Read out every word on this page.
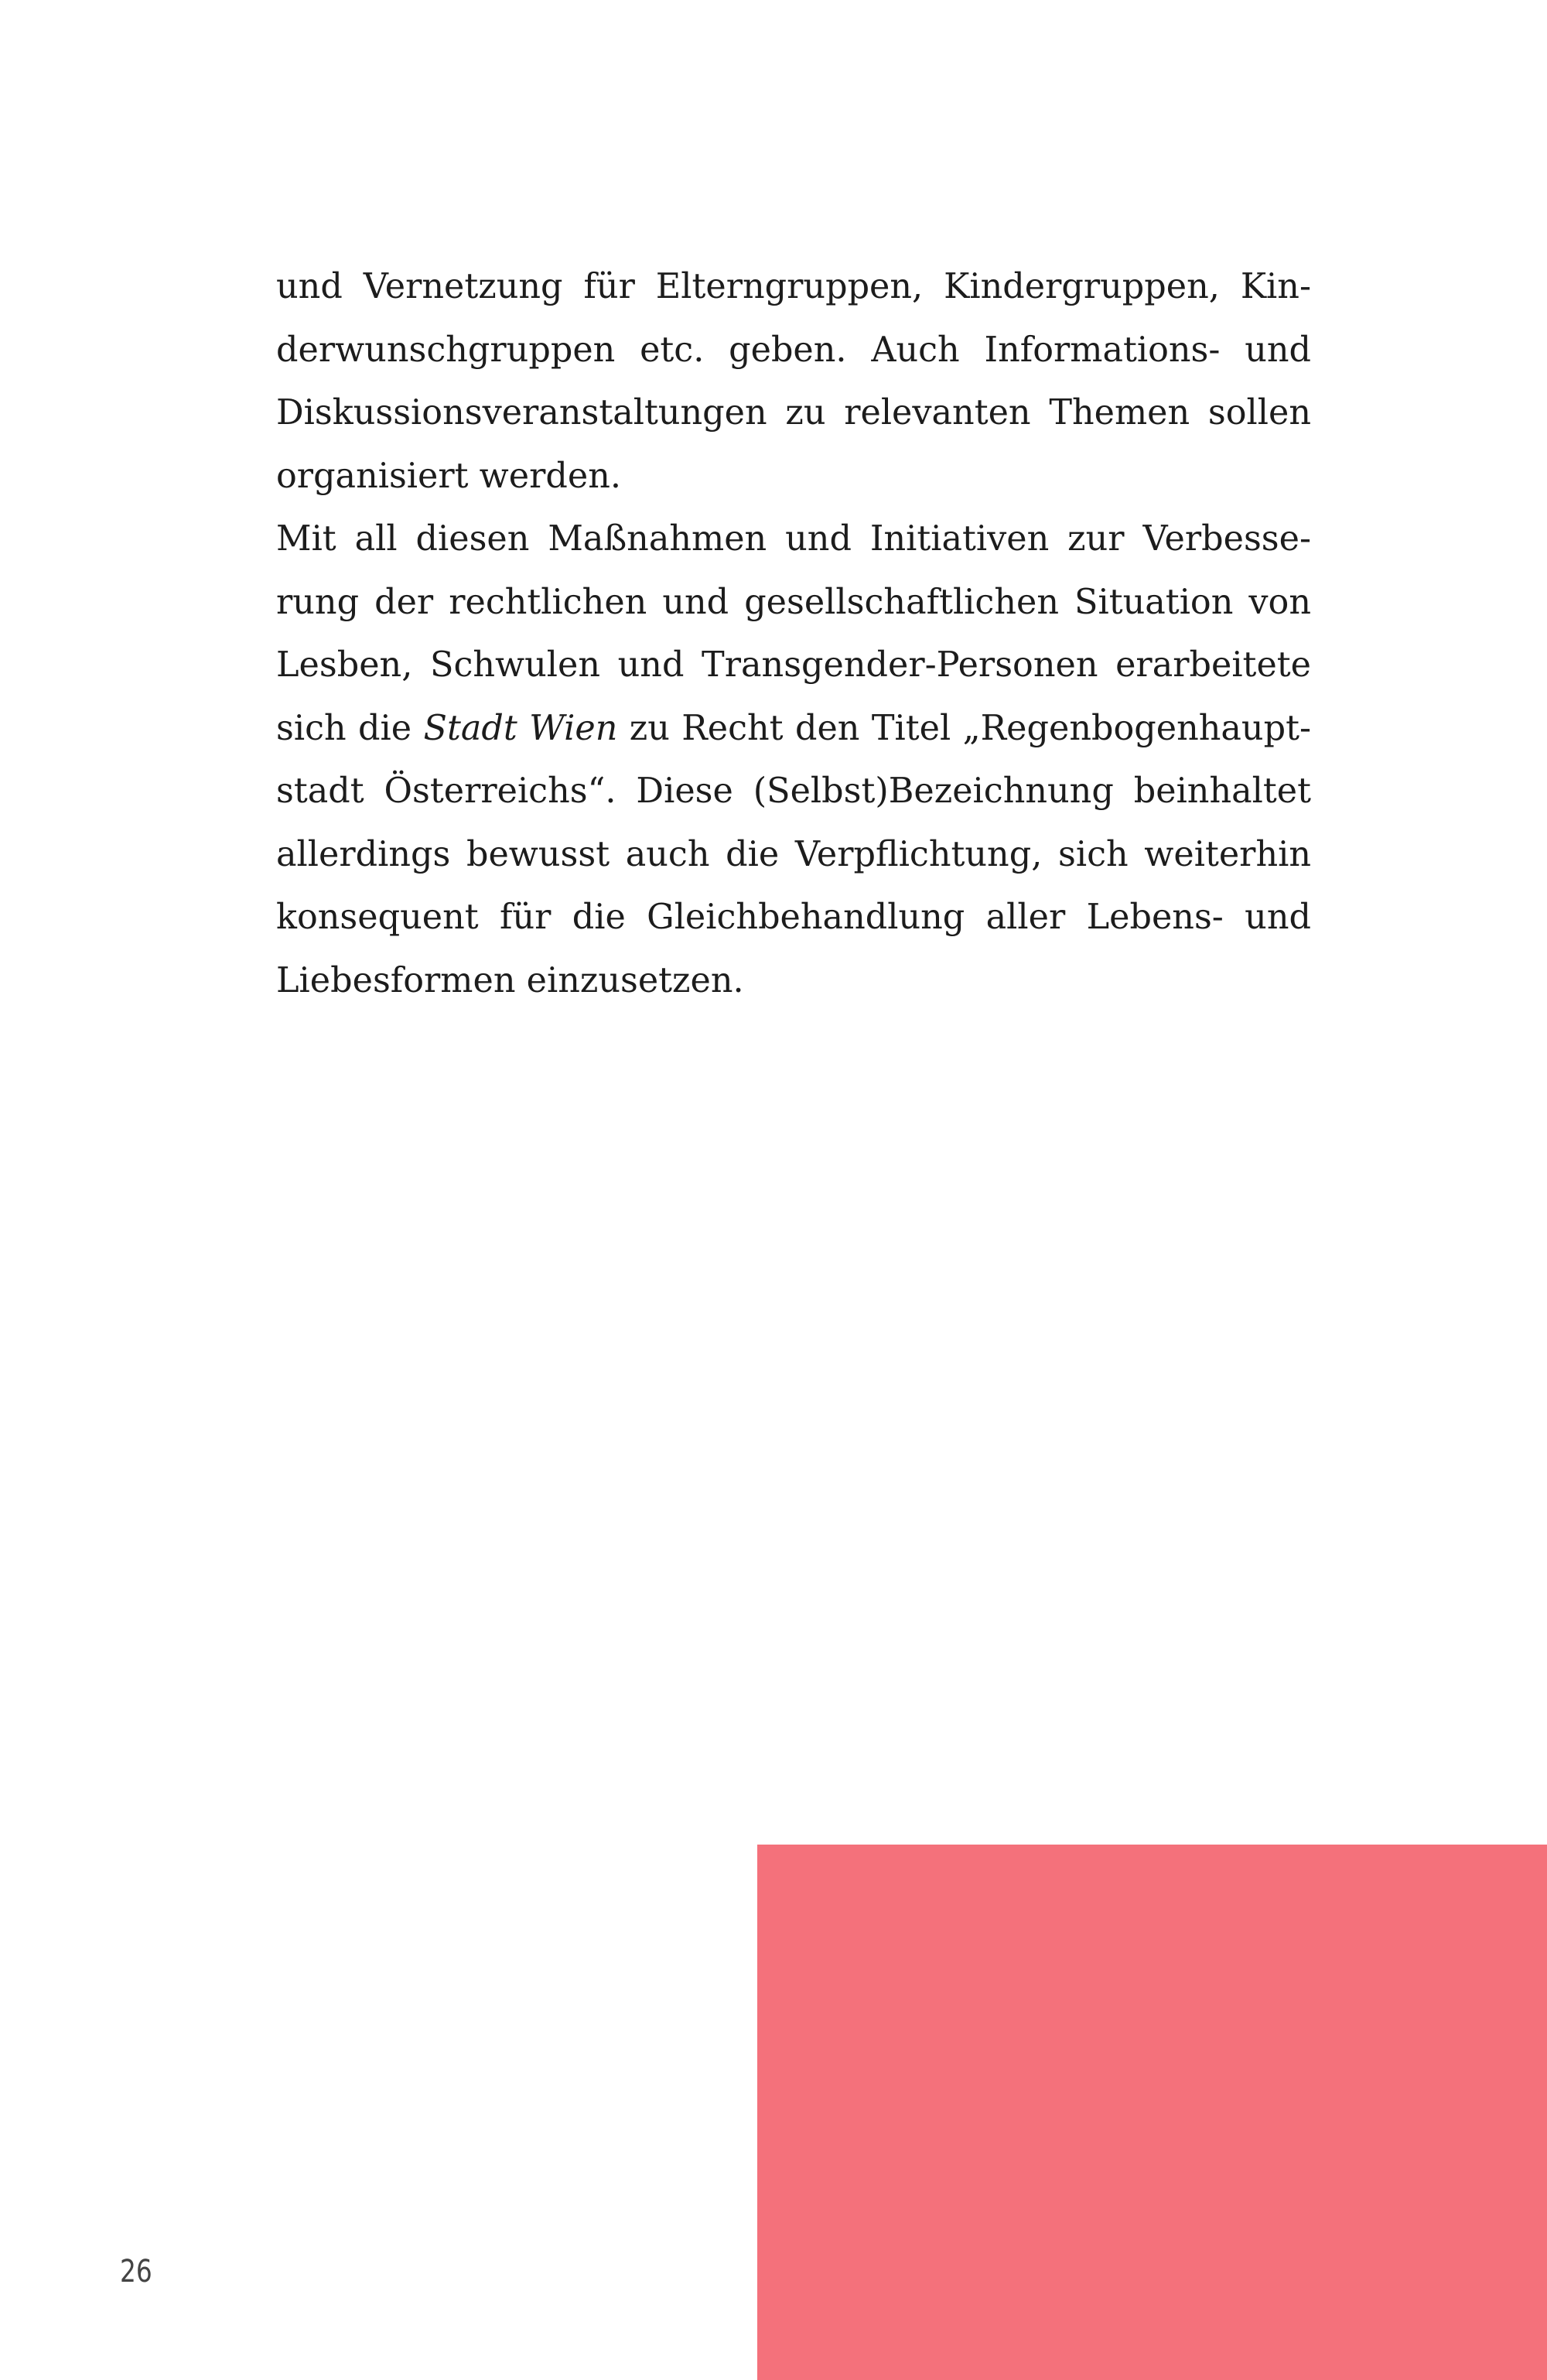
und Vernetzung für Elterngruppen, Kindergruppen, Kin-
derwunschgruppen etc. geben. Auch Informations- und
Diskussionsveranstaltungen zu relevanten Themen sollen
organisiert werden.
Mit all diesen Maßnahmen und Initiativen zur Verbesse-
rung der rechtlichen und gesellschaftlichen Situation von
Lesben, Schwulen und Transgender-Personen erarbeitete
sich die Stadt Wien zu Recht den Titel „Regenbogenhaupt-
stadt Österreichs“. Diese (Selbst)Bezeichnung beinhaltet
allerdings bewusst auch die Verpflichtung, sich weiterhin
konsequent für die Gleichbehandlung aller Lebens- und
Liebesformen einzusetzen.
26
